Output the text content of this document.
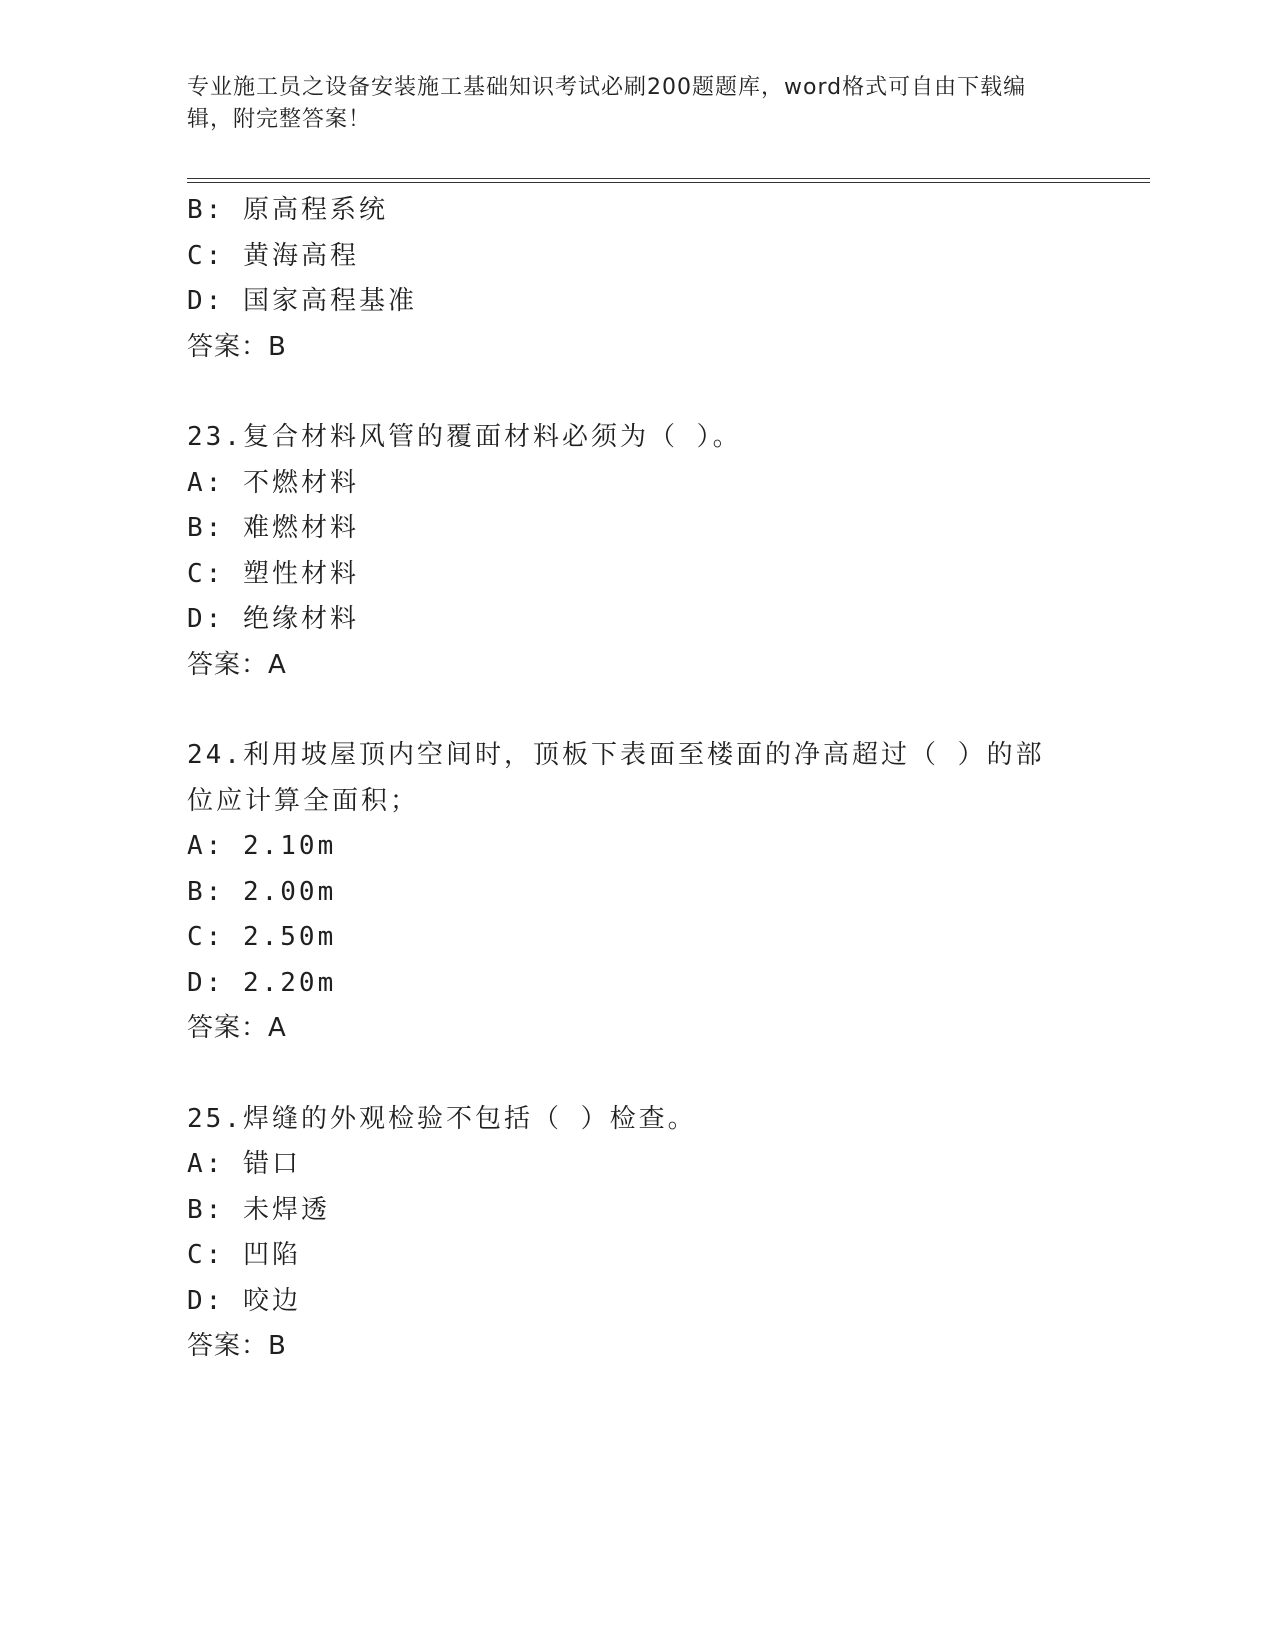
专业施工员之设备安装施工基础知识考试必刷200题题库，word格式可自由下载编辑，附完整答案！
B: 原高程系统
C: 黄海高程
D: 国家高程基准
答案：B
23.复合材料风管的覆面材料必须为（ ）。
A: 不燃材料
B: 难燃材料
C: 塑性材料
D: 绝缘材料
答案：A
24.利用坡屋顶内空间时，顶板下表面至楼面的净高超过（ ）的部位应计算全面积；
A: 2.10m
B: 2.00m
C: 2.50m
D: 2.20m
答案：A
25.焊缝的外观检验不包括（ ）检查。
A: 错口
B: 未焊透
C: 凹陷
D: 咬边
答案：B
